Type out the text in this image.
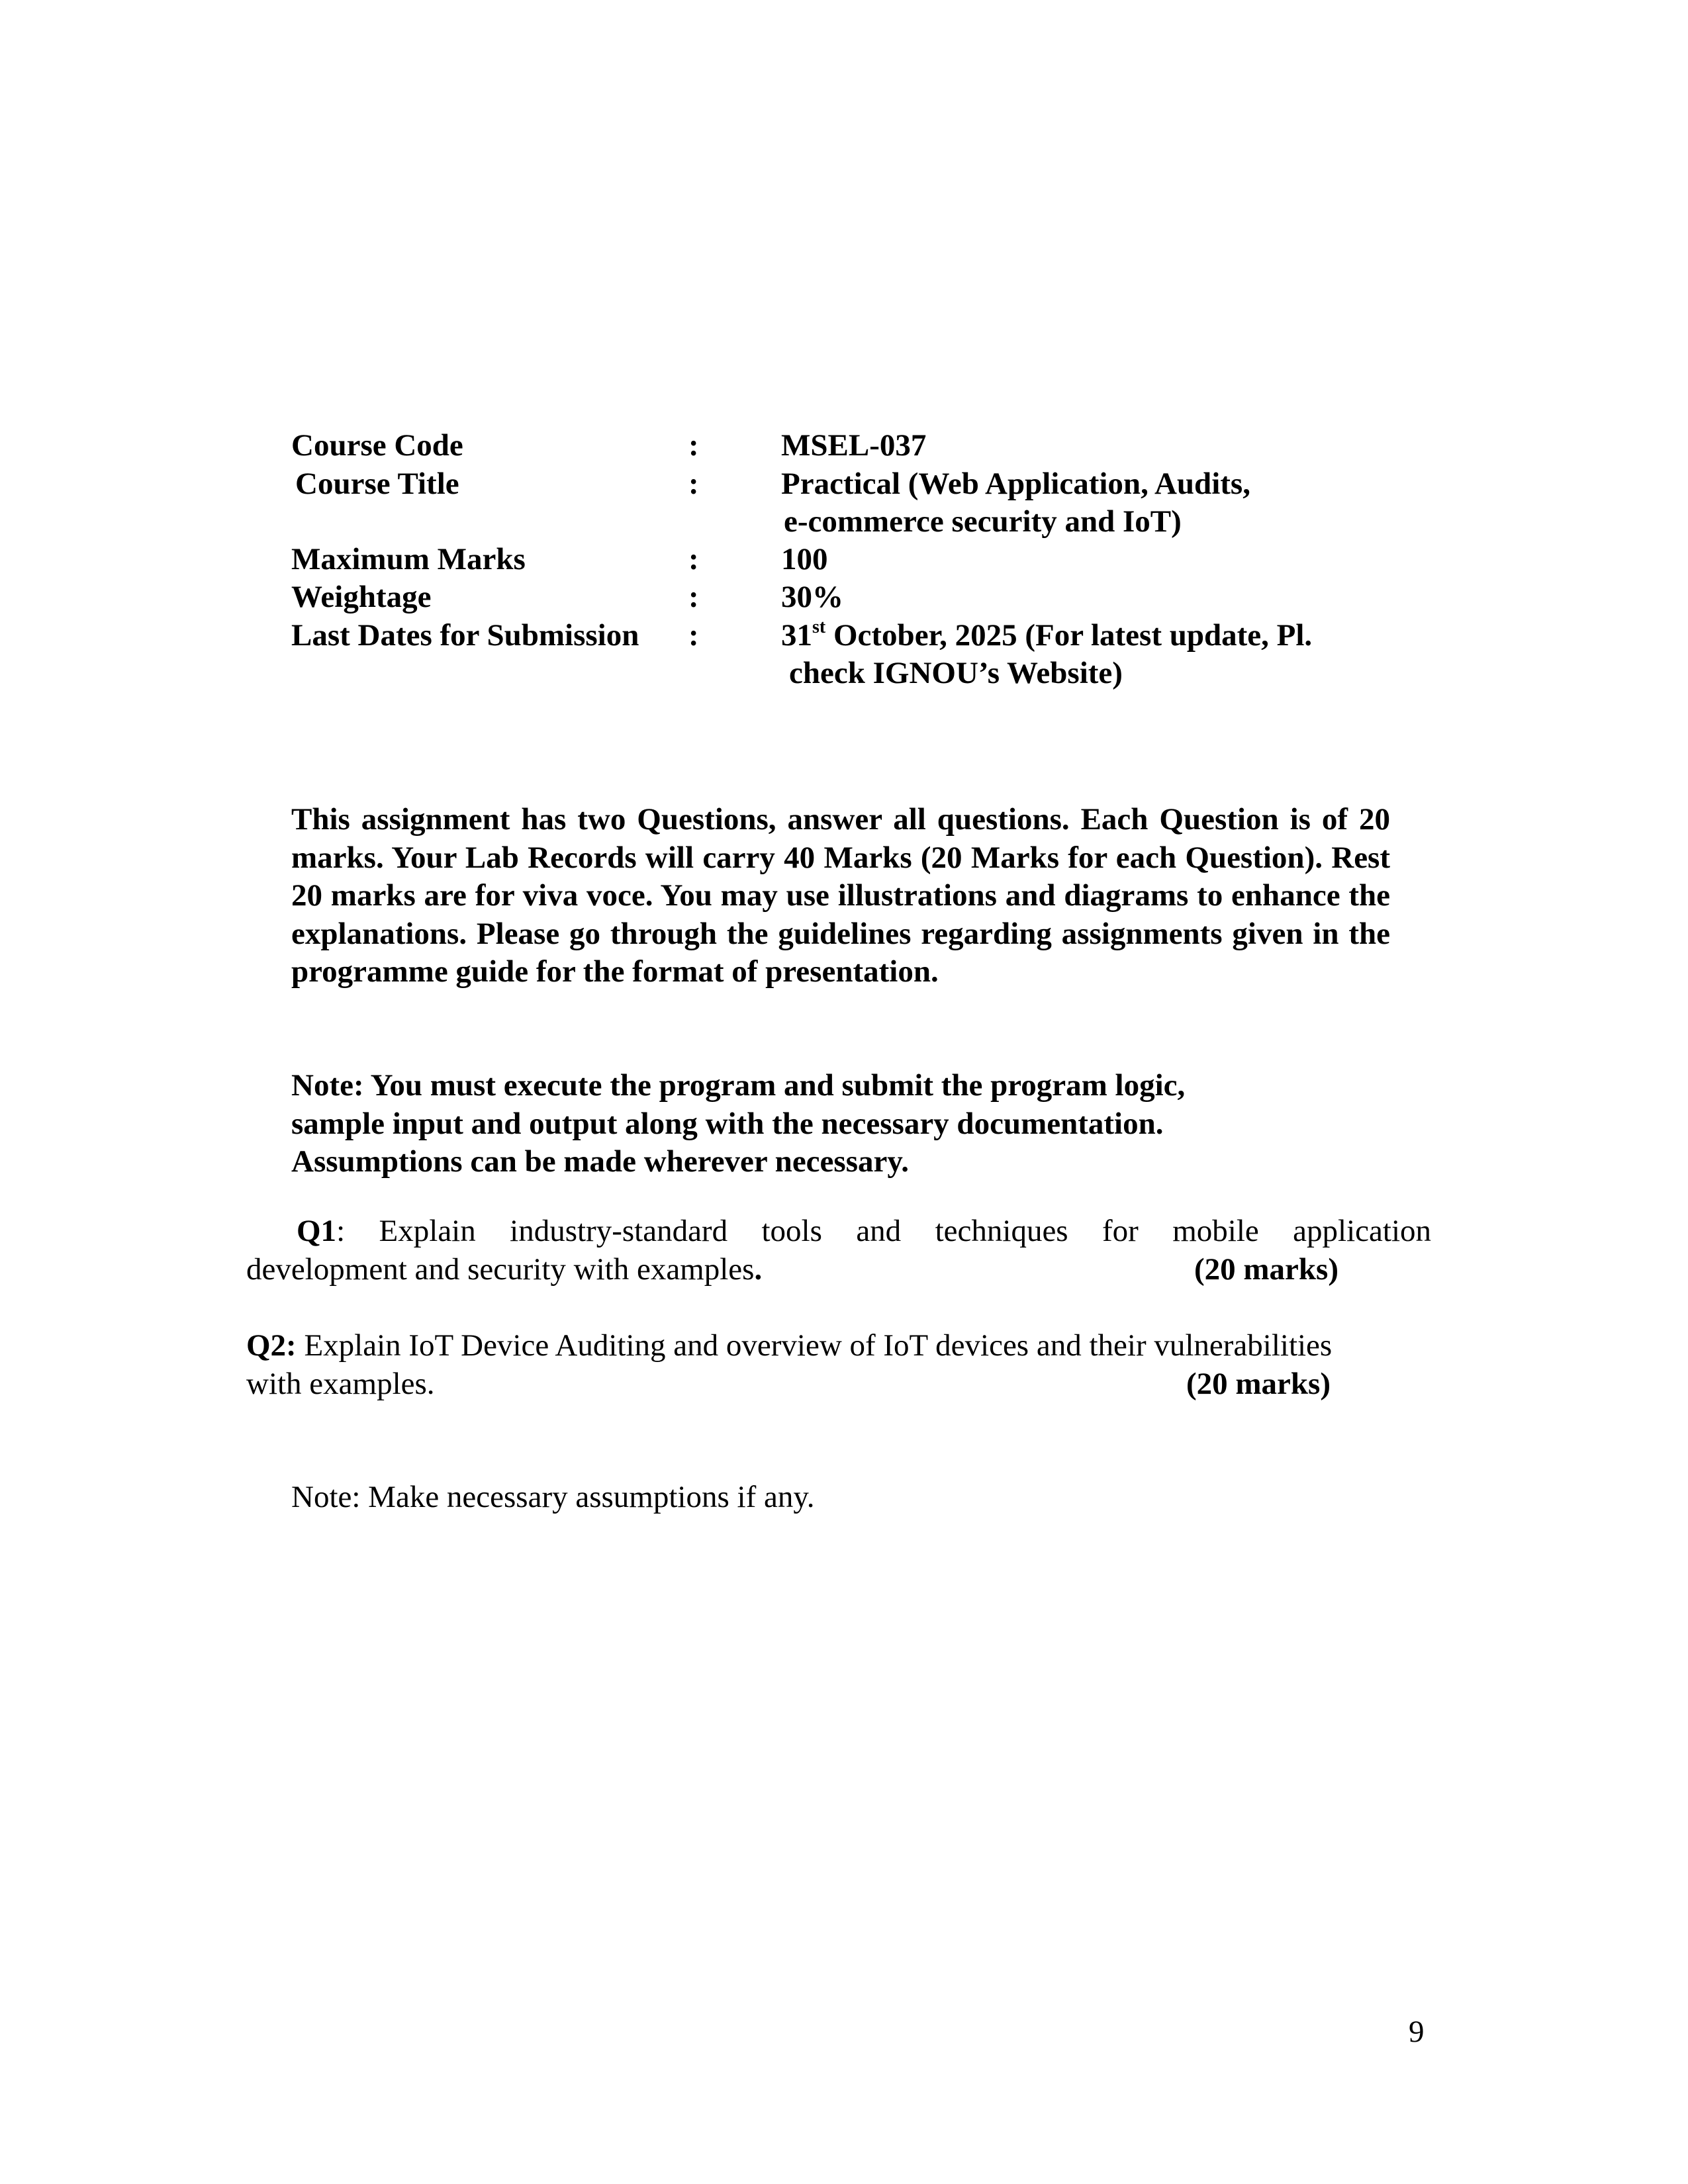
Course Code	:	MSEL-037
Course Title	:	Practical (Web Application, Audits,
e-commerce security and IoT)
Maximum Marks	:	100
Weightage	:	30%
Last Dates for Submission :	31st October, 2025 (For latest update, Pl.
check IGNOU’s Website)
This assignment has two Questions, answer all questions. Each Question is of 20 marks. Your Lab Records will carry 40 Marks (20 Marks for each Question). Rest 20 marks are for viva voce. You may use illustrations and diagrams to enhance the explanations. Please go through the guidelines regarding assignments given in the programme guide for the format of presentation.
Note: You must execute the program and submit the program logic,
sample input and output along with the necessary documentation.
Assumptions can be made wherever necessary.
Q1: Explain industry-standard tools and techniques for mobile application
development and security with examples.	(20 marks)
Q2: Explain IoT Device Auditing and overview of IoT devices and their vulnerabilities
with examples.	(20 marks)
Note: Make necessary assumptions if any.
9
